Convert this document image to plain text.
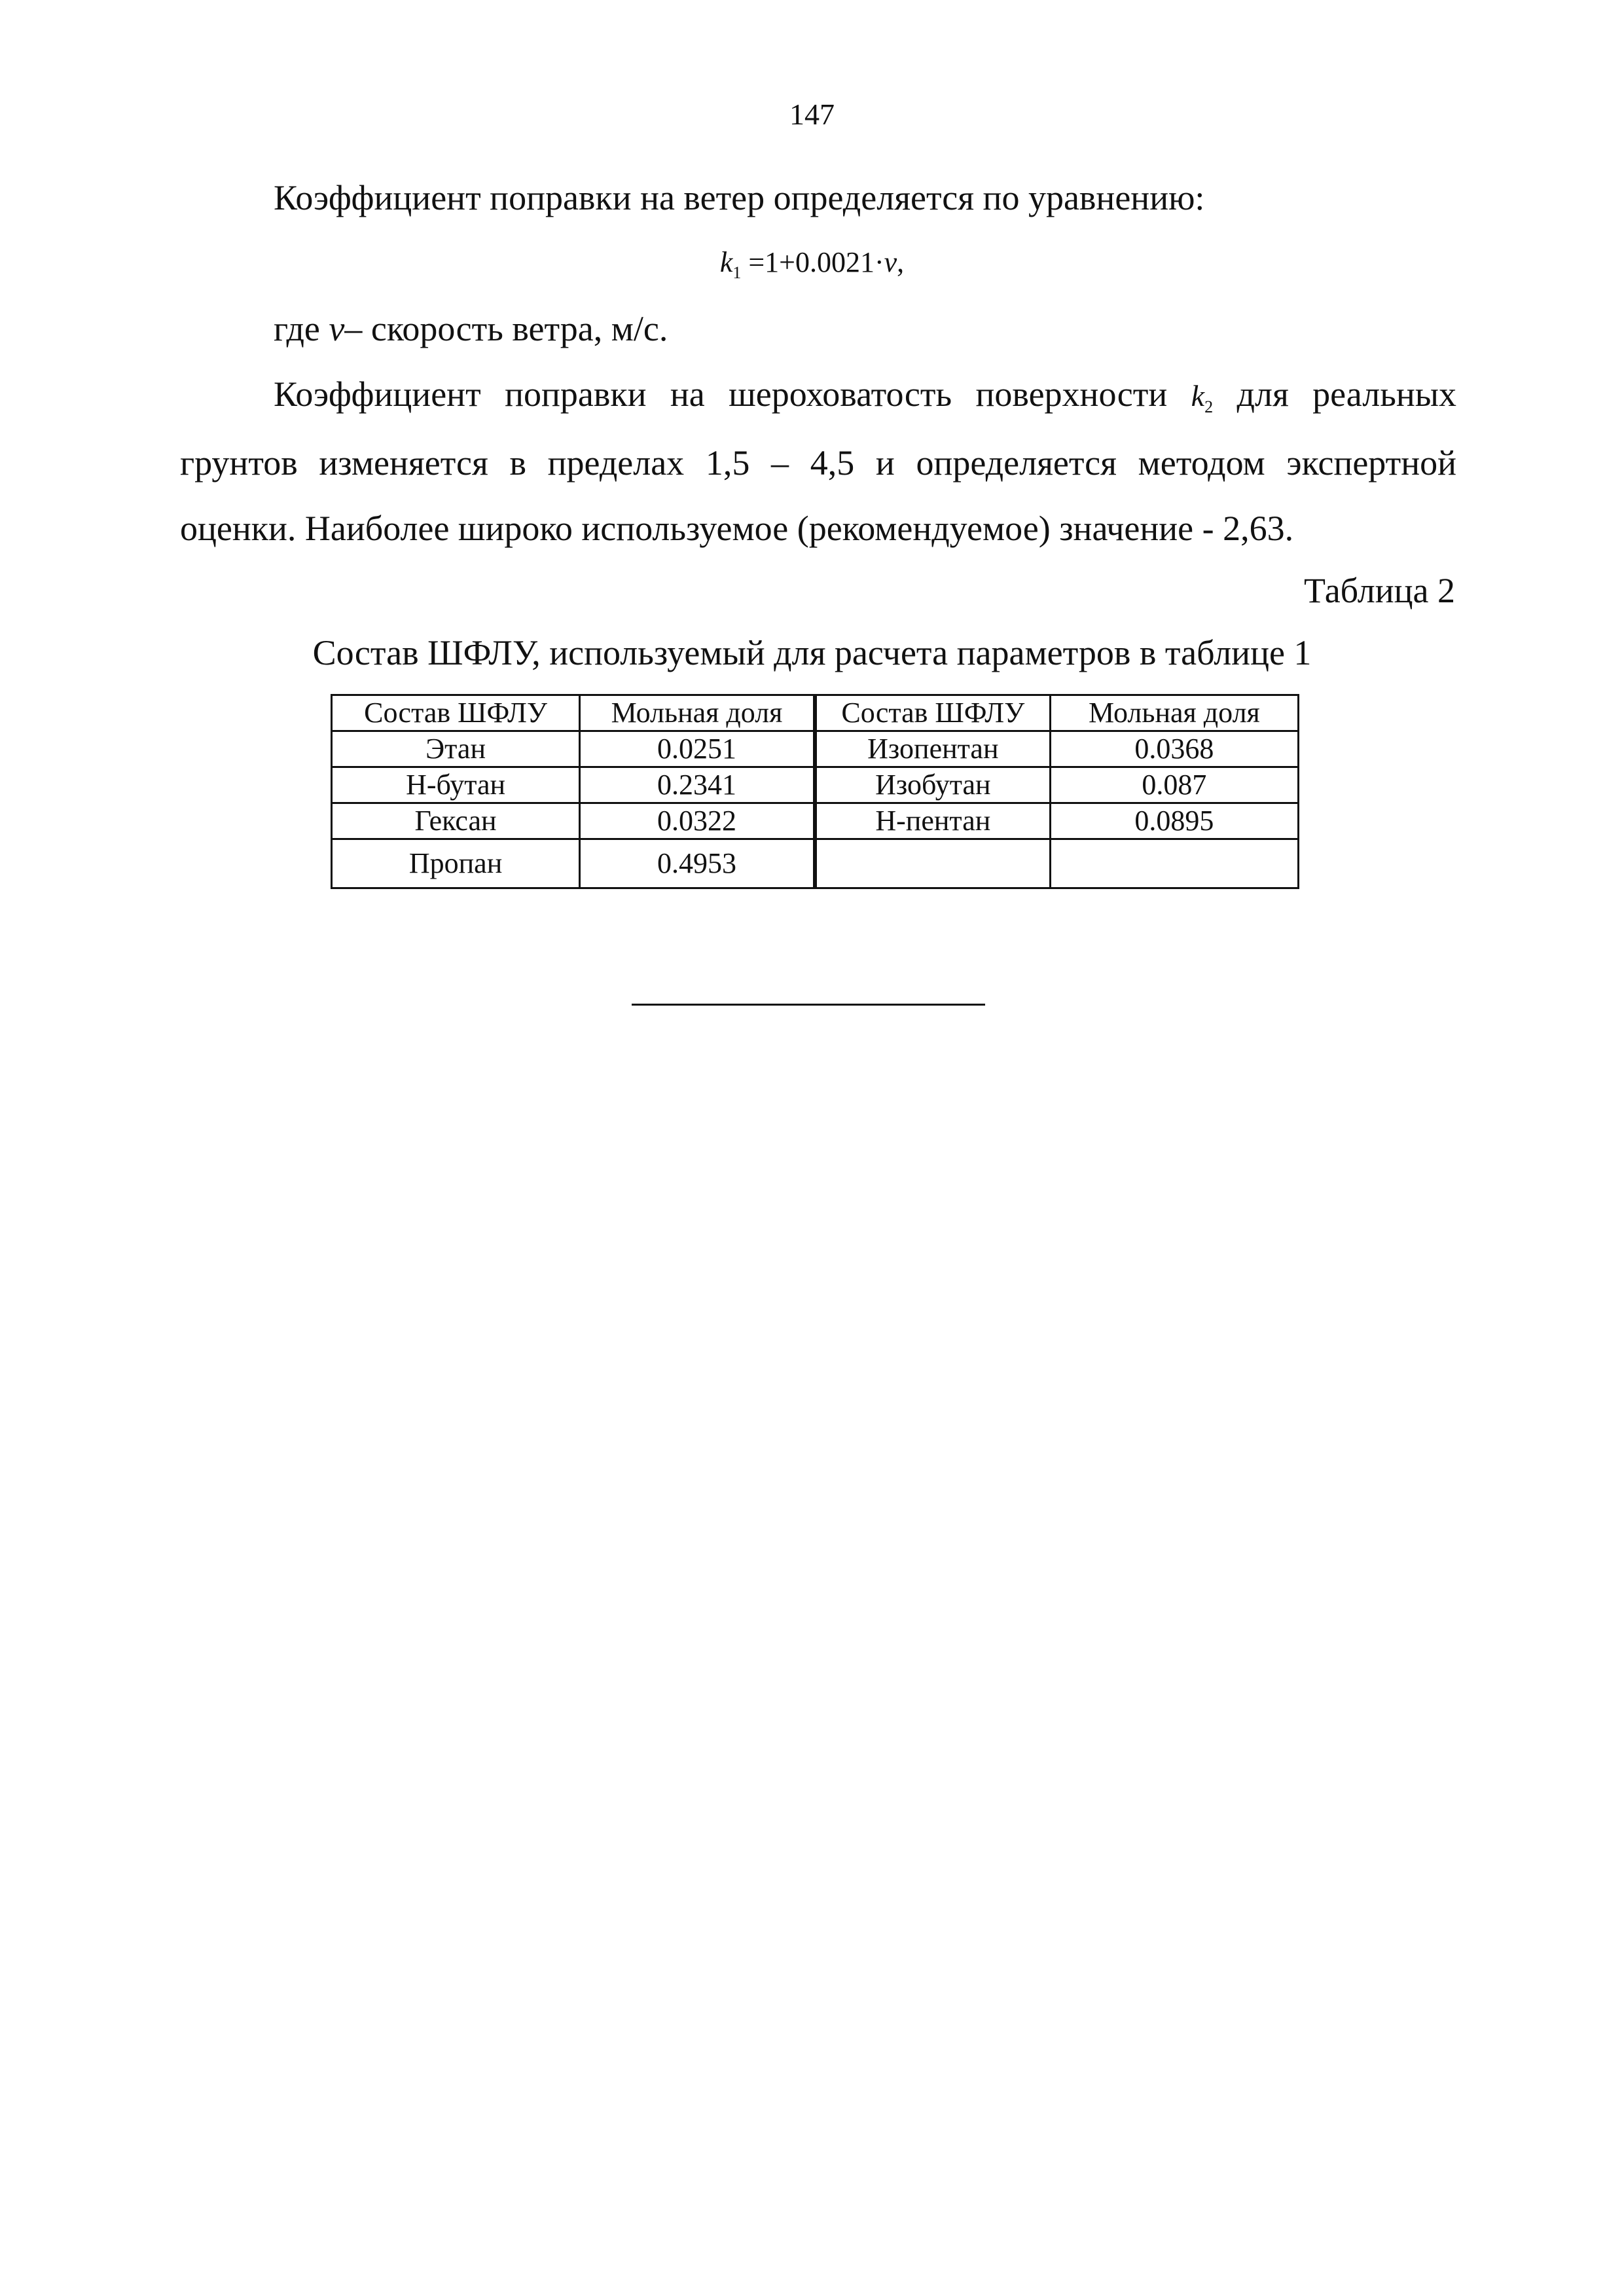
147
Коэффициент поправки на ветер определяется по уравнению:
$k_1 =1+0.0021\cdot v$,
где v– скорость ветра, м/с.
Коэффициент поправки на шероховатость поверхности $k_2$ для реальных
грунтов изменяется в пределах 1,5 – 4,5 и определяется методом экспертной
оценки. Наиболее широко используемое (рекомендуемое) значение - 2,63.
Таблица 2
Состав ШФЛУ, используемый для расчета параметров в таблице 1
Состав ШФЛУ	Мольная доля	Состав ШФЛУ	Мольная доля
Этан	0.0251	Изопентан	0.0368
Н-бутан	0.2341	Изобутан	0.087
Гексан	0.0322	Н-пентан	0.0895
Пропан	0.4953		
